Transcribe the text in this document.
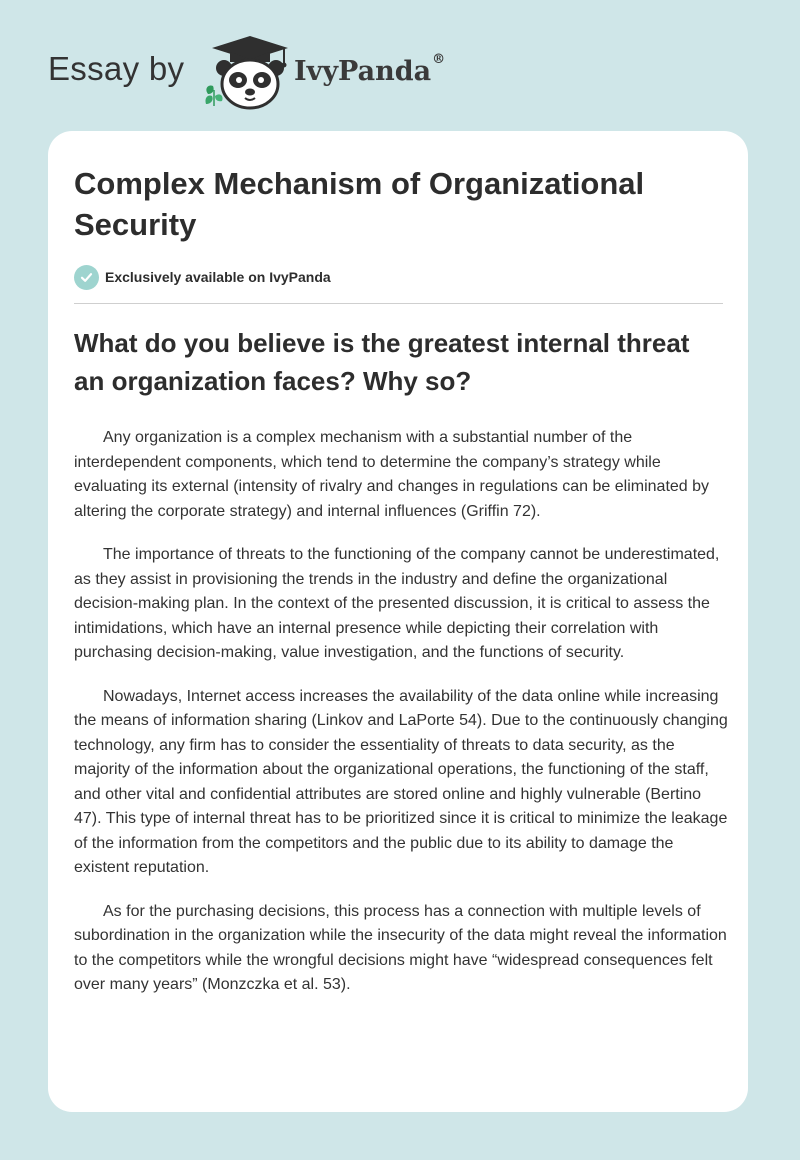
Essay by	IvyPanda®
Complex Mechanism of Organizational Security
Exclusively available on IvyPanda
What do you believe is the greatest internal threat an organization faces? Why so?

Any organization is a complex mechanism with a substantial number of the interdependent components, which tend to determine the company’s strategy while evaluating its external (intensity of rivalry and changes in regulations can be eliminated by altering the corporate strategy) and internal influences (Griffin 72).

The importance of threats to the functioning of the company cannot be underestimated, as they assist in provisioning the trends in the industry and define the organizational decision-making plan. In the context of the presented discussion, it is critical to assess the intimidations, which have an internal presence while depicting their correlation with purchasing decision-making, value investigation, and the functions of security.

Nowadays, Internet access increases the availability of the data online while increasing the means of information sharing (Linkov and LaPorte 54). Due to the continuously changing technology, any firm has to consider the essentiality of threats to data security, as the majority of the information about the organizational operations, the functioning of the staff, and other vital and confidential attributes are stored online and highly vulnerable (Bertino 47). This type of internal threat has to be prioritized since it is critical to minimize the leakage of the information from the competitors and the public due to its ability to damage the existent reputation.

As for the purchasing decisions, this process has a connection with multiple levels of subordination in the organization while the insecurity of the data might reveal the information to the competitors while the wrongful decisions might have “widespread consequences felt over many years” (Monzczka et al. 53).
